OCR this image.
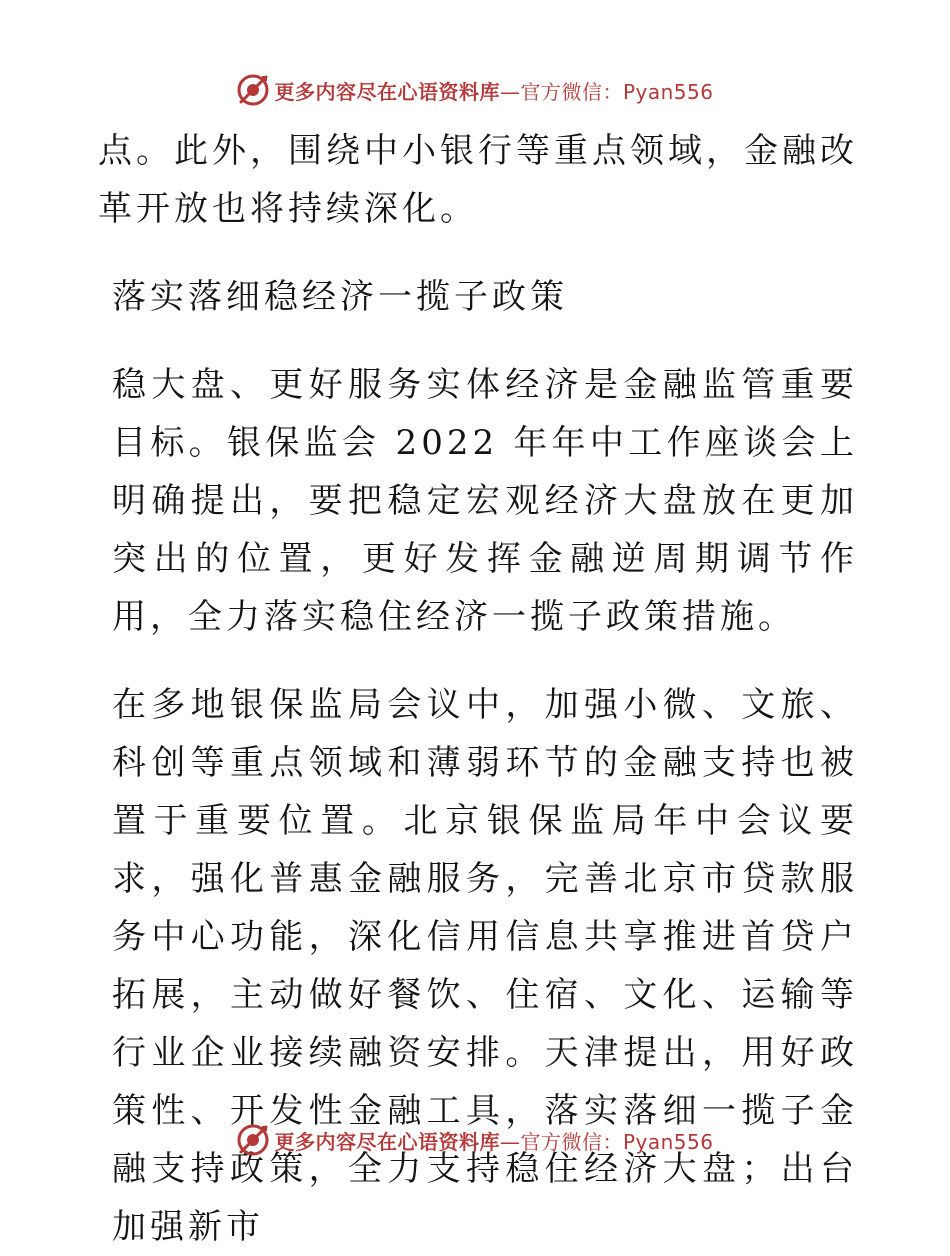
更多内容尽在心语资料库 —官方微信：Pyan556

点。此外，围绕中小银行等重点领域，金融改革开放也将持续深化。

落实落细稳经济一揽子政策

稳大盘、更好服务实体经济是金融监管重要目标。银保监会 2022 年年中工作座谈会上明确提出，要把稳定宏观经济大盘放在更加突出的位置，更好发挥金融逆周期调节作用，全力落实稳住经济一揽子政策措施。

在多地银保监局会议中，加强小微、文旅、科创等重点领域和薄弱环节的金融支持也被置于重要位置。北京银保监局年中会议要求，强化普惠金融服务，完善北京市贷款服务中心功能，深化信用信息共享推进首贷户拓展，主动做好餐饮、住宿、文化、运输等行业企业接续融资安排。天津提出，用好政策性、开发性金融工具，落实落细一揽子金融支持政策，全力支持稳住经济大盘；出台加强新市

更多内容尽在心语资料库 —官方微信：Pyan556
